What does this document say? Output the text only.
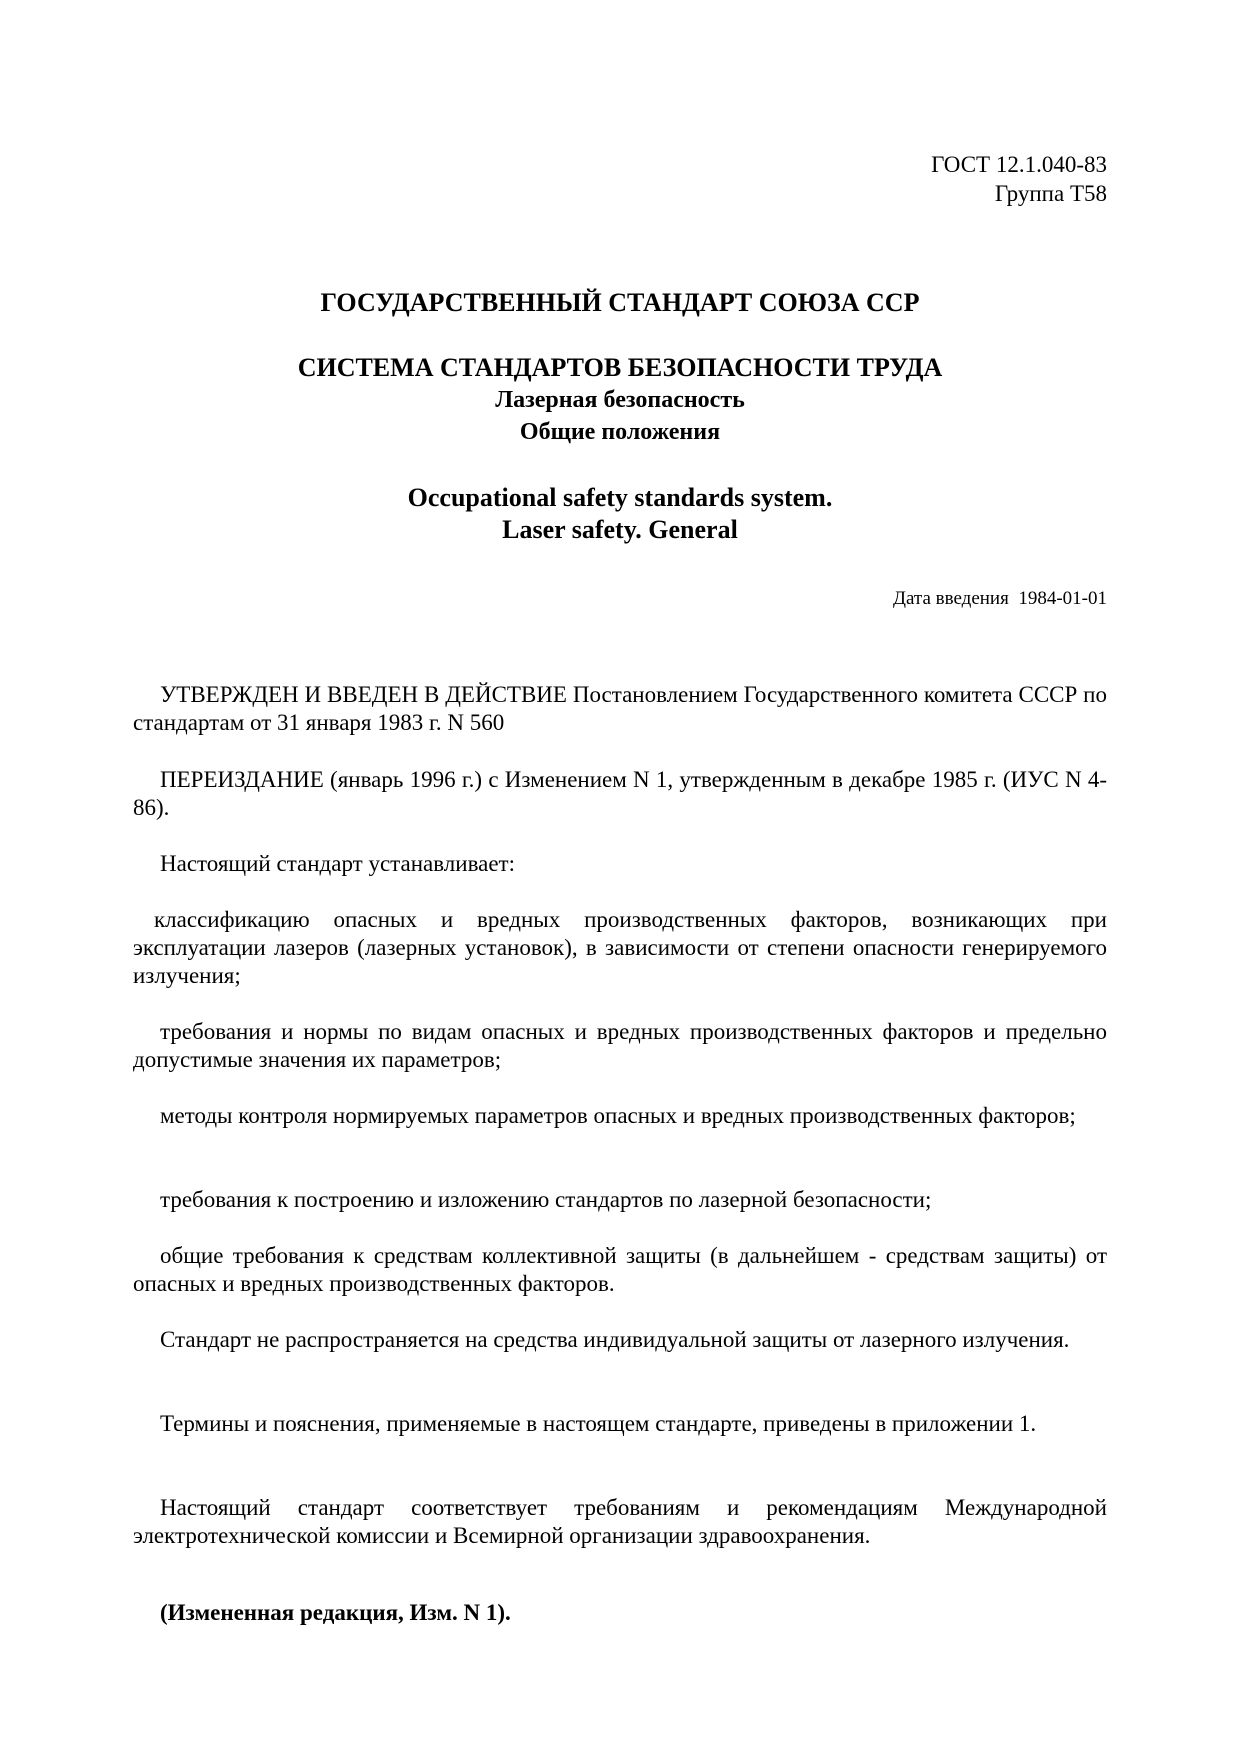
ГОСТ 12.1.040-83
Группа Т58
ГОСУДАРСТВЕННЫЙ СТАНДАРТ СОЮЗА ССР
СИСТЕМА СТАНДАРТОВ БЕЗОПАСНОСТИ ТРУДА
Лазерная безопасность
Общие положения
Occupational safety standards system.
Laser safety. General
Дата введения 1984-01-01
УТВЕРЖДЕН И ВВЕДЕН В ДЕЙСТВИЕ Постановлением Государственного комитета СССР по стандартам от 31 января 1983 г. N 560
ПЕРЕИЗДАНИЕ (январь 1996 г.) с Изменением N 1, утвержденным в декабре 1985 г. (ИУС N 4-86).
Настоящий стандарт устанавливает:
классификацию опасных и вредных производственных факторов, возникающих при эксплуатации лазеров (лазерных установок), в зависимости от степени опасности генерируемого излучения;
требования и нормы по видам опасных и вредных производственных факторов и предельно допустимые значения их параметров;
методы контроля нормируемых параметров опасных и вредных производственных факторов;
требования к построению и изложению стандартов по лазерной безопасности;
общие требования к средствам коллективной защиты (в дальнейшем - средствам защиты) от опасных и вредных производственных факторов.
Стандарт не распространяется на средства индивидуальной защиты от лазерного излучения.
Термины и пояснения, применяемые в настоящем стандарте, приведены в приложении 1.
Настоящий стандарт соответствует требованиям и рекомендациям Международной электротехнической комиссии и Всемирной организации здравоохранения.
(Измененная редакция, Изм. N 1).
